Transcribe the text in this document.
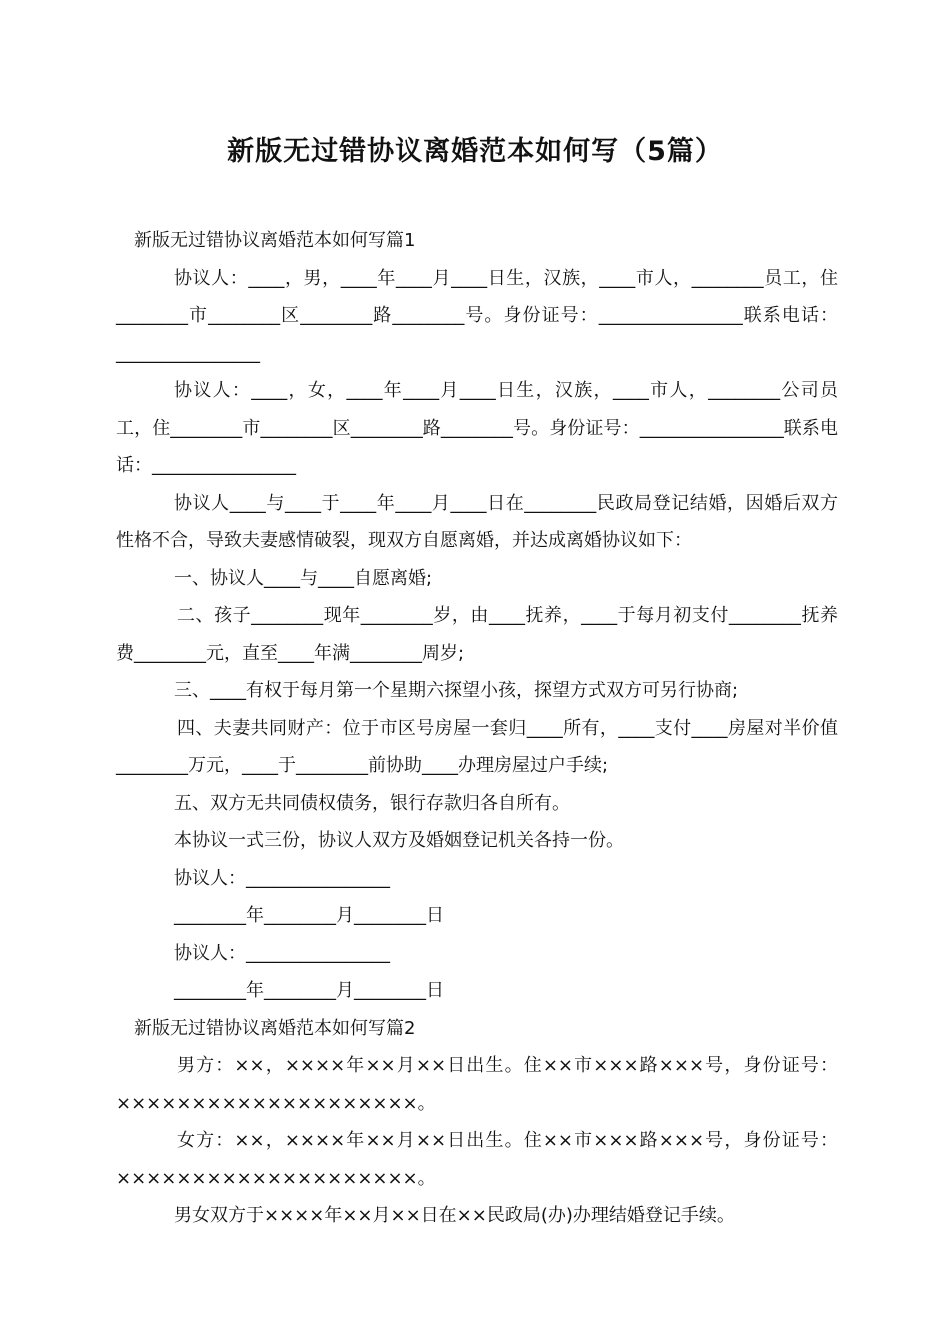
新版无过错协议离婚范本如何写（5篇）

新版无过错协议离婚范本如何写篇1

协议人：____，男，____年____月____日生，汉族，____市人，________员工，住________市________区________路________号。身份证号：________________联系电话：________________

协议人：____，女，____年____月____日生，汉族，____市人，________公司员工，住________市________区________路________号。身份证号：________________联系电话：________________

协议人____与____于____年____月____日在________民政局登记结婚，因婚后双方性格不合，导致夫妻感情破裂，现双方自愿离婚，并达成离婚协议如下：

一、协议人____与____自愿离婚;

二、孩子________现年________岁，由____抚养，____于每月初支付________抚养费________元，直至____年满________周岁;

三、____有权于每月第一个星期六探望小孩，探望方式双方可另行协商;

四、夫妻共同财产：位于市区号房屋一套归____所有，____支付____房屋对半价值________万元，____于________前协助____办理房屋过户手续;

五、双方无共同债权债务，银行存款归各自所有。

本协议一式三份，协议人双方及婚姻登记机关各持一份。

协议人：________________

________年________月________日

协议人：________________

________年________月________日

新版无过错协议离婚范本如何写篇2

男方：××，××××年××月××日出生。住××市×××路×××号，身份证号：××××××××××××××××××××。

女方：××，××××年××月××日出生。住××市×××路×××号，身份证号：××××××××××××××××××××。

男女双方于××××年××月××日在××民政局(办)办理结婚登记手续。
